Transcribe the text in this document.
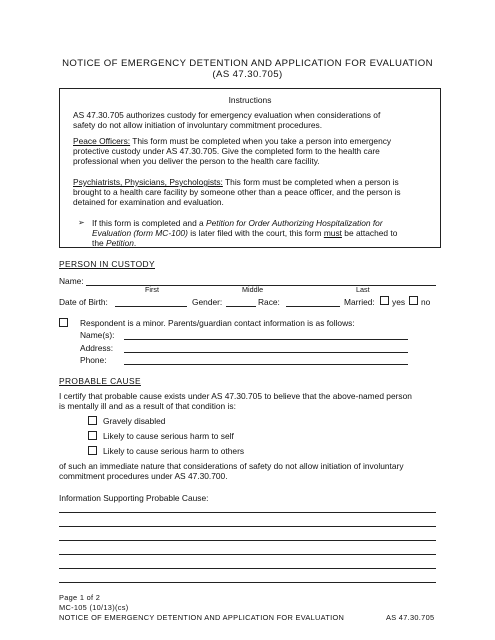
NOTICE OF EMERGENCY DETENTION AND APPLICATION FOR EVALUATION
(AS 47.30.705)
Instructions
AS 47.30.705 authorizes custody for emergency evaluation when considerations of
safety do not allow initiation of involuntary commitment procedures.
Peace Officers: This form must be completed when you take a person into emergency
protective custody under AS 47.30.705. Give the completed form to the health care
professional when you deliver the person to the health care facility.
Psychiatrists, Physicians, Psychologists: This form must be completed when a person is
brought to a health care facility by someone other than a peace officer, and the person is
detained for examination and evaluation.
➢ If this form is completed and a Petition for Order Authorizing Hospitalization for
Evaluation (form MC-100) is later filed with the court, this form must be attached to
the Petition.
PERSON IN CUSTODY
Name:
First	Middle	Last
Date of Birth:	Gender:	Race:	Married: yes no
Respondent is a minor. Parents/guardian contact information is as follows:
Name(s):
Address:
Phone:
PROBABLE CAUSE
I certify that probable cause exists under AS 47.30.705 to believe that the above-named person
is mentally ill and as a result of that condition is:
Gravely disabled
Likely to cause serious harm to self
Likely to cause serious harm to others
of such an immediate nature that considerations of safety do not allow initiation of involuntary
commitment procedures under AS 47.30.700.
Information Supporting Probable Cause:
Page 1 of 2
MC-105 (10/13)(cs)
NOTICE OF EMERGENCY DETENTION AND APPLICATION FOR EVALUATION	AS 47.30.705
